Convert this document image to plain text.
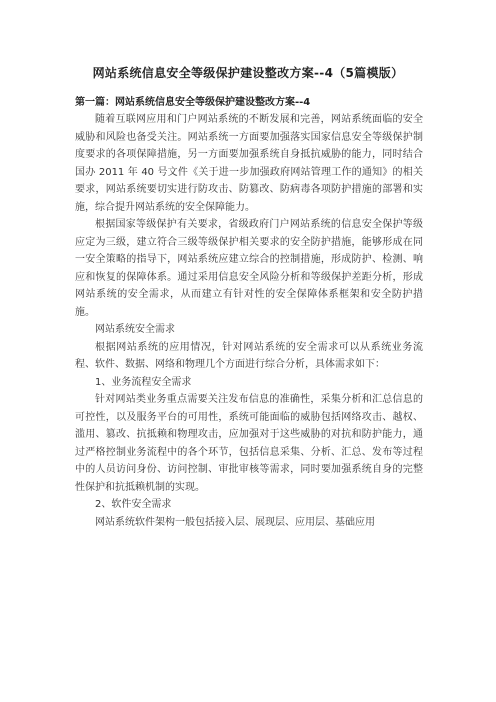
网站系统信息安全等级保护建设整改方案--4（5篇模版）
第一篇：网站系统信息安全等级保护建设整改方案--4

随着互联网应用和门户网站系统的不断发展和完善，网站系统面临的安全威胁和风险也备受关注。网站系统一方面要加强落实国家信息安全等级保护制度要求的各项保障措施，另一方面要加强系统自身抵抗威胁的能力，同时结合国办 2011 年 40 号文件《关于进一步加强政府网站管理工作的通知》的相关要求，网站系统要切实进行防攻击、防篡改、防病毒各项防护措施的部署和实施，综合提升网站系统的安全保障能力。

根据国家等级保护有关要求，省级政府门户网站系统的信息安全保护等级应定为三级，建立符合三级等级保护相关要求的安全防护措施，能够形成在同一安全策略的指导下，网站系统应建立综合的控制措施，形成防护、检测、响应和恢复的保障体系。通过采用信息安全风险分析和等级保护差距分析，形成网站系统的安全需求，从而建立有针对性的安全保障体系框架和安全防护措施。

网站系统安全需求

根据网站系统的应用情况，针对网站系统的安全需求可以从系统业务流程、软件、数据、网络和物理几个方面进行综合分析，具体需求如下：

1、业务流程安全需求

针对网站类业务重点需要关注发布信息的准确性，采集分析和汇总信息的可控性，以及服务平台的可用性，系统可能面临的威胁包括网络攻击、越权、滥用、篡改、抗抵赖和物理攻击，应加强对于这些威胁的对抗和防护能力，通过严格控制业务流程中的各个环节，包括信息采集、分析、汇总、发布等过程中的人员访问身份、访问控制、审批审核等需求，同时要加强系统自身的完整性保护和抗抵赖机制的实现。

2、软件安全需求

网站系统软件架构一般包括接入层、展现层、应用层、基础应用
